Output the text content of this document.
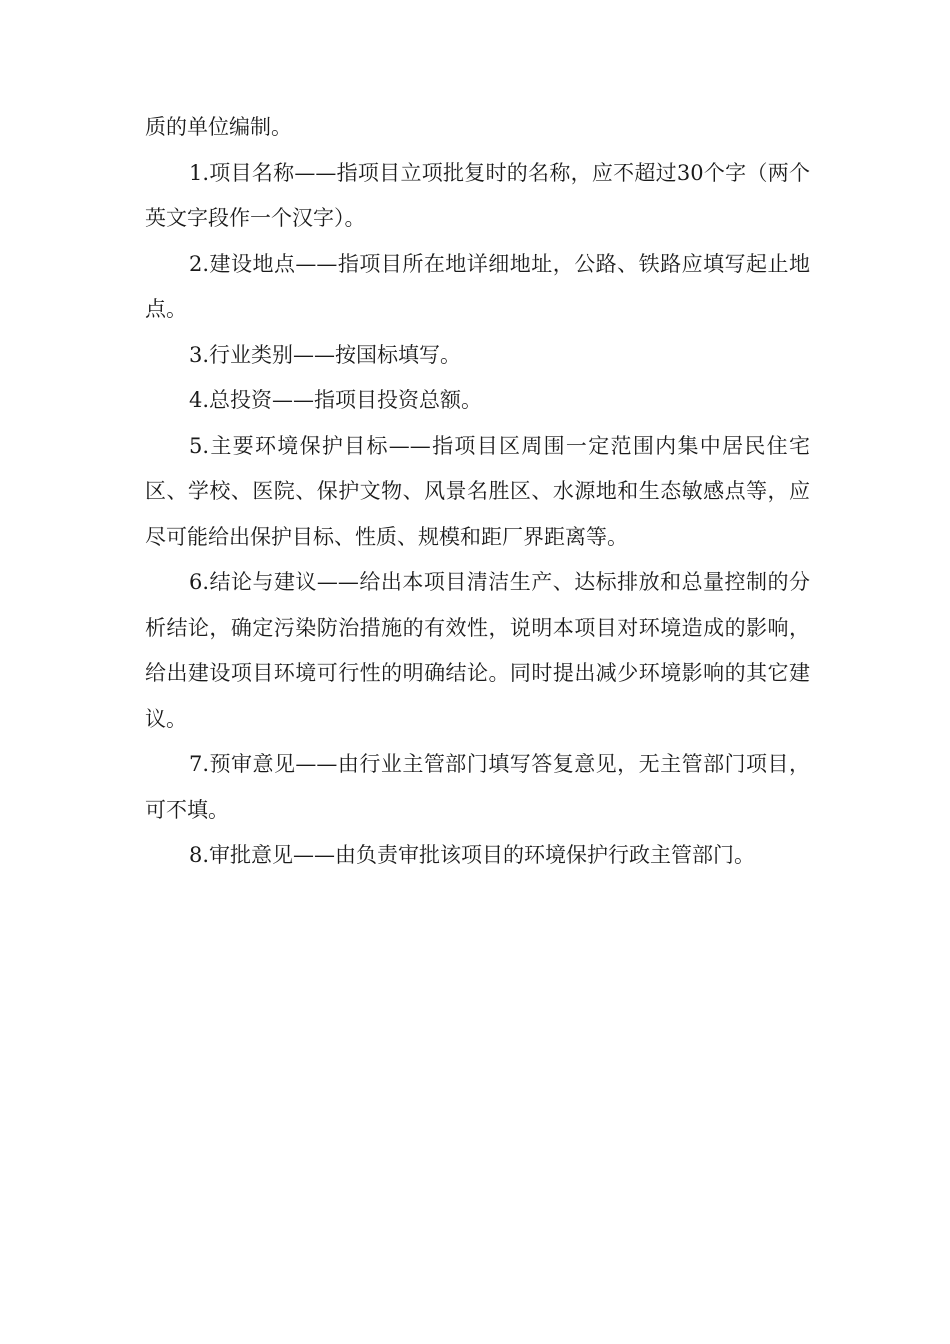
质的单位编制。

1.项目名称——指项目立项批复时的名称，应不超过30个字（两个英文字段作一个汉字）。

2.建设地点——指项目所在地详细地址，公路、铁路应填写起止地点。

3.行业类别——按国标填写。

4.总投资——指项目投资总额。

5.主要环境保护目标——指项目区周围一定范围内集中居民住宅区、学校、医院、保护文物、风景名胜区、水源地和生态敏感点等，应尽可能给出保护目标、性质、规模和距厂界距离等。

6.结论与建议——给出本项目清洁生产、达标排放和总量控制的分析结论，确定污染防治措施的有效性，说明本项目对环境造成的影响，给出建设项目环境可行性的明确结论。同时提出减少环境影响的其它建议。

7.预审意见——由行业主管部门填写答复意见，无主管部门项目，可不填。

8.审批意见——由负责审批该项目的环境保护行政主管部门。
